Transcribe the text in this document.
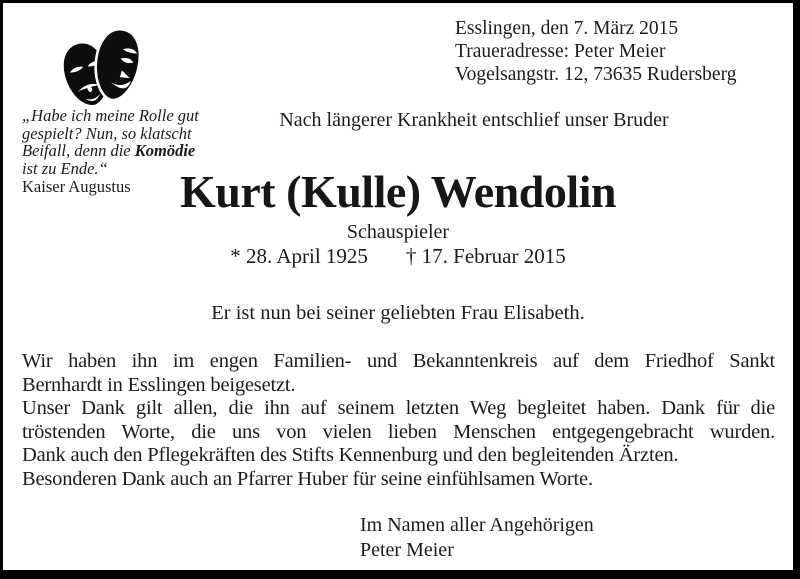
Esslingen, den 7. März 2015
Traueradresse: Peter Meier
Vogelsangstr. 12, 73635 Rudersberg
„Habe ich meine Rolle gut
gespielt? Nun, so klatscht
Beifall, denn die Komödie
ist zu Ende.“
Kaiser Augustus
Nach längerer Krankheit entschlief unser Bruder
Kurt (Kulle) Wendolin
Schauspieler
* 28. April 1925 † 17. Februar 2015
Er ist nun bei seiner geliebten Frau Elisabeth.
Wir haben ihn im engen Familien- und Bekanntenkreis auf dem Friedhof Sankt
Bernhardt in Esslingen beigesetzt.
Unser Dank gilt allen, die ihn auf seinem letzten Weg begleitet haben. Dank für die
tröstenden Worte, die uns von vielen lieben Menschen entgegengebracht wurden.
Dank auch den Pflegekräften des Stifts Kennenburg und den begleitenden Ärzten.
Besonderen Dank auch an Pfarrer Huber für seine einfühlsamen Worte.
Im Namen aller Angehörigen
Peter Meier
